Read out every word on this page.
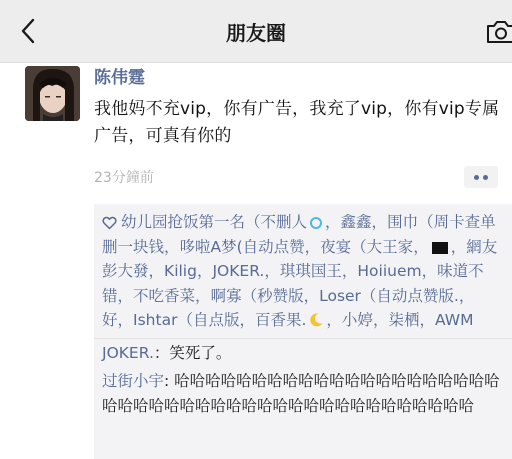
朋友圈
陈伟霆
我他妈不充vip，你有广告，我充了vip，你有vip专属广告，可真有你的
23分鐘前
幼儿园抢饭第一名（不删人 ，鑫鑫，围巾（周卡查单删一块钱，哆啦A梦(自动点赞，夜宴（大王家， ，網友彭大發，Kilig，JOKER.，琪琪国王，Hoiiuem，味道不错，不吃香菜，啊寡（秒赞版，Loser（自动点赞版.，好，Ishtar（自点版，百香果. ，小婷，柒栖，AWM
JOKER.：笑死了。
过街小宇: 哈哈哈哈哈哈哈哈哈哈哈哈哈哈哈哈哈哈哈哈哈哈哈哈哈哈哈哈哈哈哈哈哈哈哈哈哈哈哈哈哈哈哈哈哈
